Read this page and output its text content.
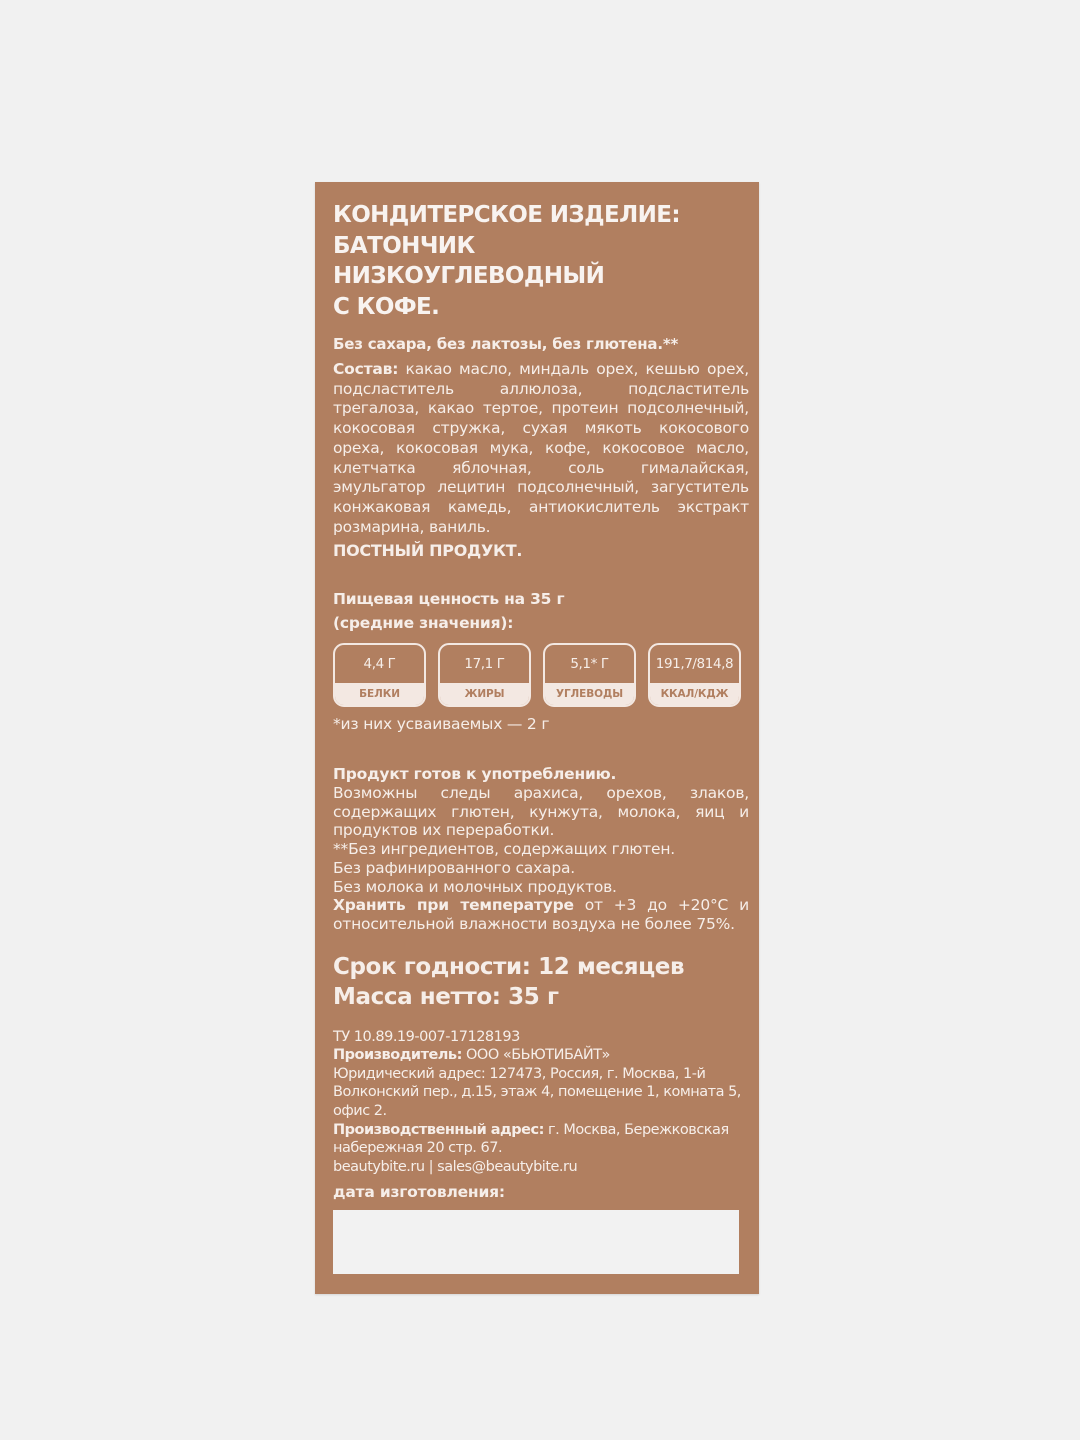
КОНДИТЕРСКОЕ ИЗДЕЛИЕ:
БАТОНЧИК НИЗКОУГЛЕВОДНЫЙ
С КОФЕ.

Без сахара, без лактозы, без глютена.**

Состав: какао масло, миндаль орех, кешью орех, подсластитель аллюлоза, подсластитель трегалоза, какао тертое, протеин подсолнечный, кокосовая стружка, сухая мякоть кокосового ореха, кокосовая мука, кофе, кокосовое масло, клетчатка яблочная, соль гималайская, эмульгатор лецитин подсолнечный, загуститель конжаковая камедь, антиокислитель экстракт розмарина, ваниль.

ПОСТНЫЙ ПРОДУКТ.

Пищевая ценность на 35 г
(средние значения):

4,4 Г
БЕЛКИ
17,1 Г
ЖИРЫ
5,1* Г
УГЛЕВОДЫ
191,7/814,8
ККАЛ/КДЖ

*из них усваиваемых — 2 г

Продукт готов к употреблению.

Возможны следы арахиса, орехов, злаков, содержащих глютен, кунжута, молока, яиц и продуктов их переработки.

**Без ингредиентов, содержащих глютен.

Без рафинированного сахара.

Без молока и молочных продуктов.

Хранить при температуре от +3 до +20°С и относительной влажности воздуха не более 75%.

Срок годности: 12 месяцев
Масса нетто: 35 г

ТУ 10.89.19-007-17128193

Производитель: ООО «БЬЮТИБАЙТ»

Юридический адрес: 127473, Россия, г. Москва, 1-й Волконский пер., д.15, этаж 4, помещение 1, комната 5, офис 2.

Производственный адрес: г. Москва, Бережковская набережная 20 стр. 67.

beautybite.ru | sales@beautybite.ru

дата изготовления:
